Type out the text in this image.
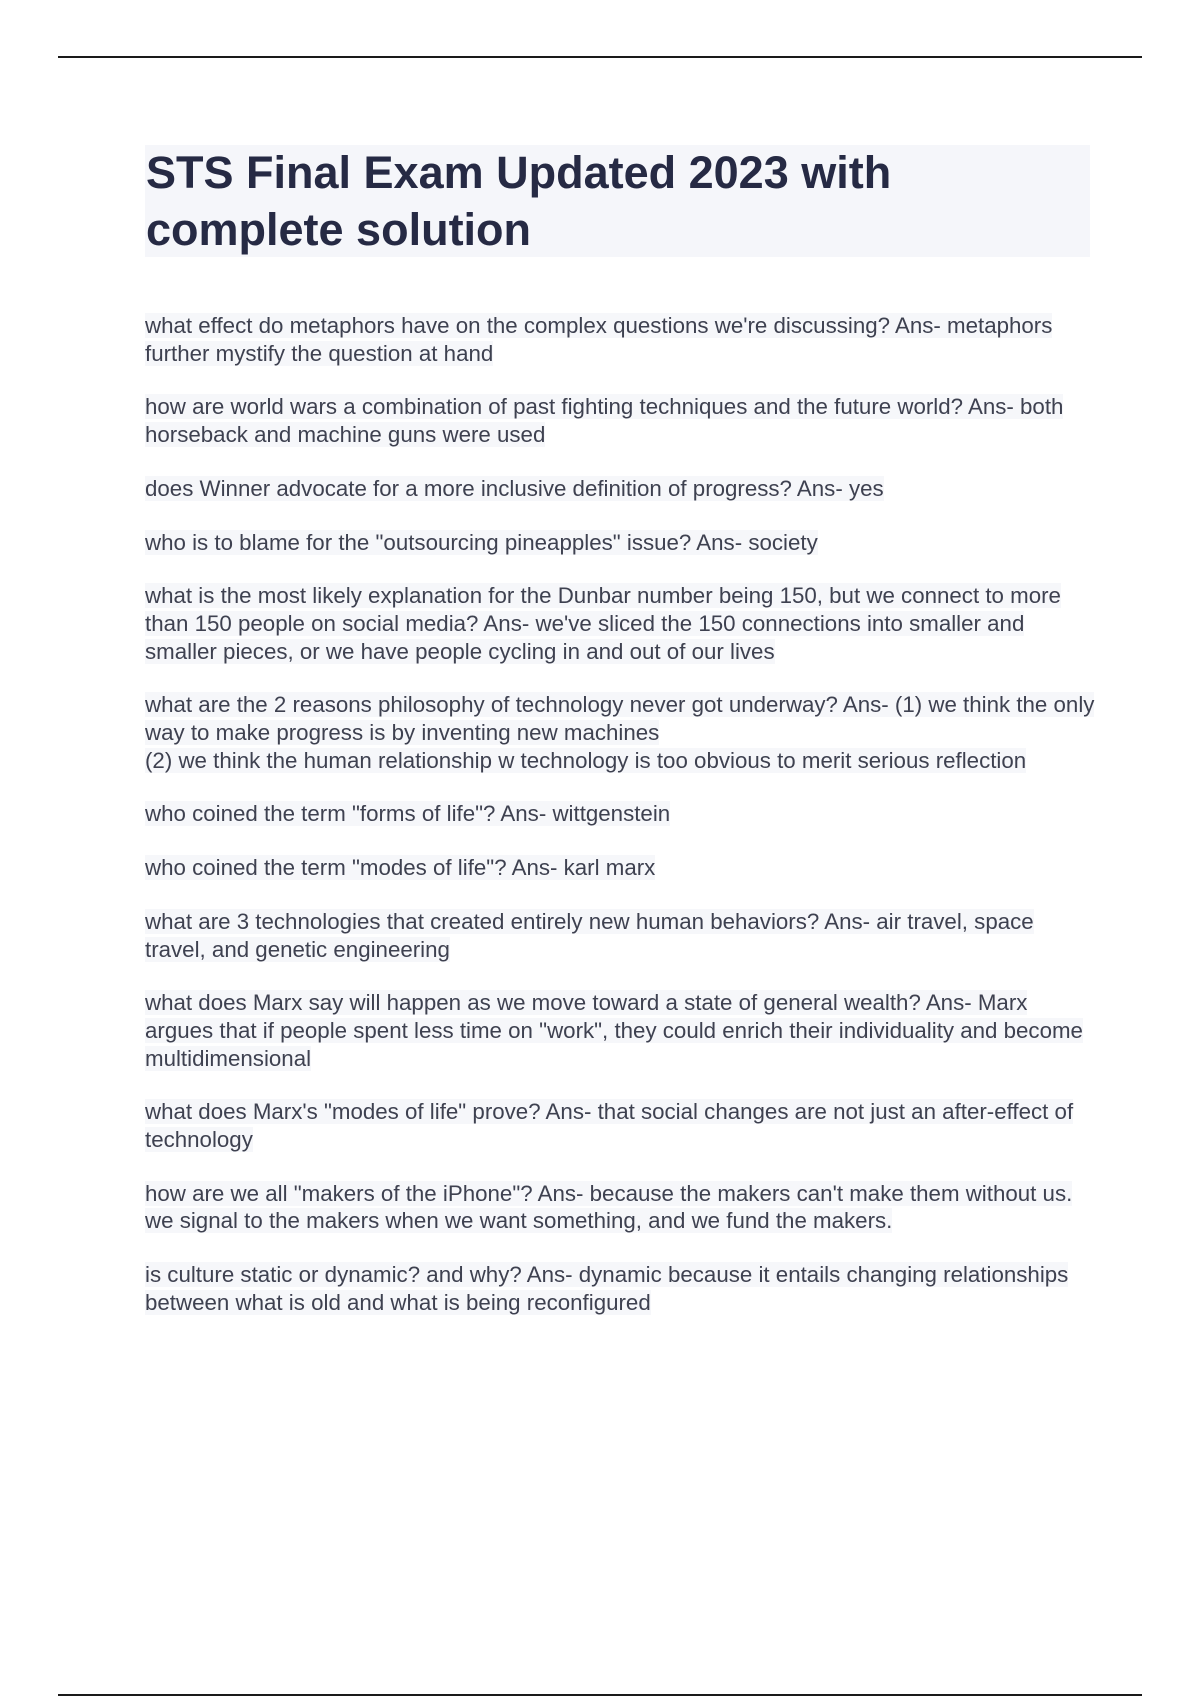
STS Final Exam Updated 2023 with complete solution

what effect do metaphors have on the complex questions we're discussing? Ans- metaphors further mystify the question at hand

how are world wars a combination of past fighting techniques and the future world? Ans- both horseback and machine guns were used

does Winner advocate for a more inclusive definition of progress? Ans- yes

who is to blame for the "outsourcing pineapples" issue? Ans- society

what is the most likely explanation for the Dunbar number being 150, but we connect to more than 150 people on social media? Ans- we've sliced the 150 connections into smaller and smaller pieces, or we have people cycling in and out of our lives

what are the 2 reasons philosophy of technology never got underway? Ans- (1) we think the only way to make progress is by inventing new machines
(2) we think the human relationship w technology is too obvious to merit serious reflection

who coined the term "forms of life"? Ans- wittgenstein

who coined the term "modes of life"? Ans- karl marx

what are 3 technologies that created entirely new human behaviors? Ans- air travel, space travel, and genetic engineering

what does Marx say will happen as we move toward a state of general wealth? Ans- Marx argues that if people spent less time on "work", they could enrich their individuality and become multidimensional

what does Marx's "modes of life" prove? Ans- that social changes are not just an after-effect of technology

how are we all "makers of the iPhone"? Ans- because the makers can't make them without us. we signal to the makers when we want something, and we fund the makers.

is culture static or dynamic? and why? Ans- dynamic because it entails changing relationships between what is old and what is being reconfigured
